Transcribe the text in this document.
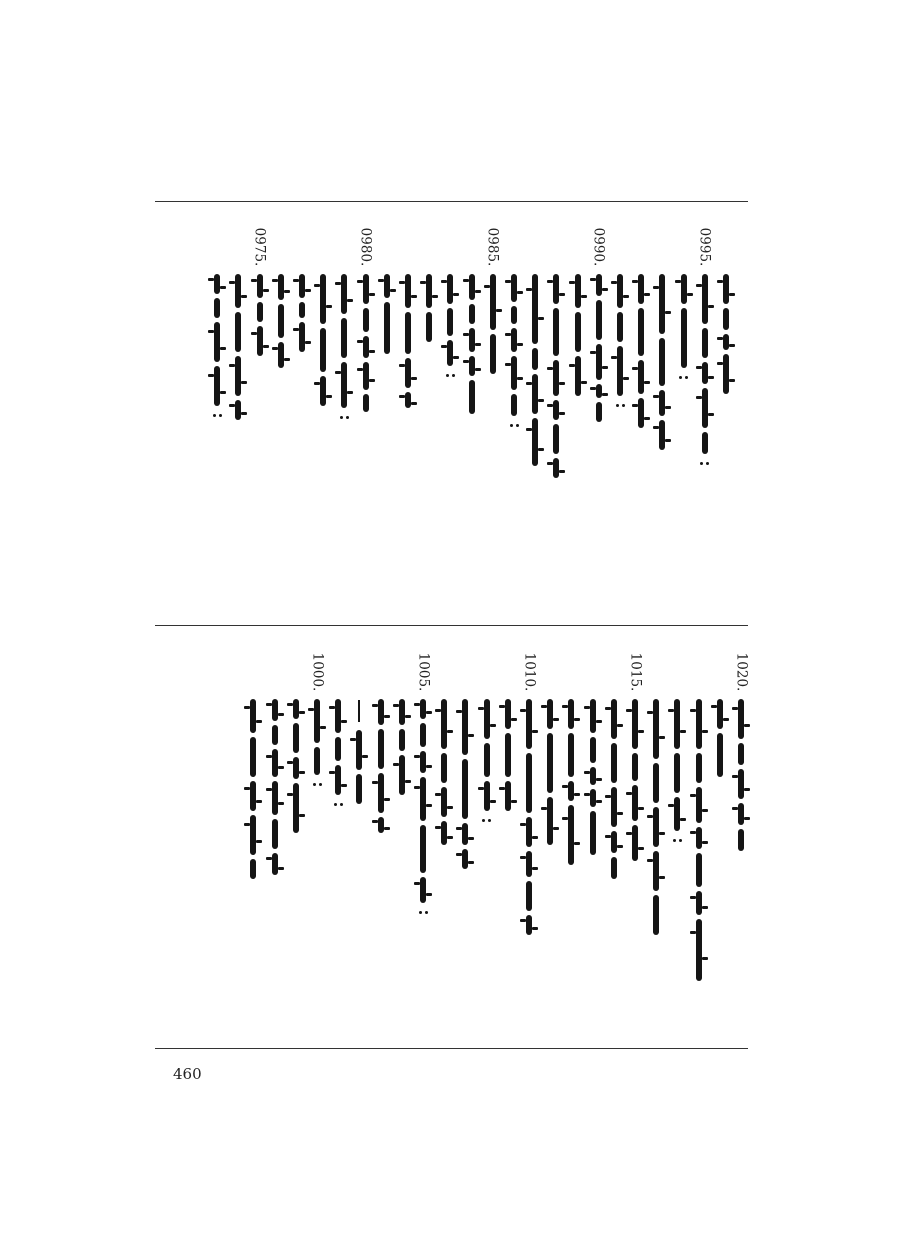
0995.
0990.
0985.
0980.
0975.
1020.
1015.
1010.
1005.
1000.
460
